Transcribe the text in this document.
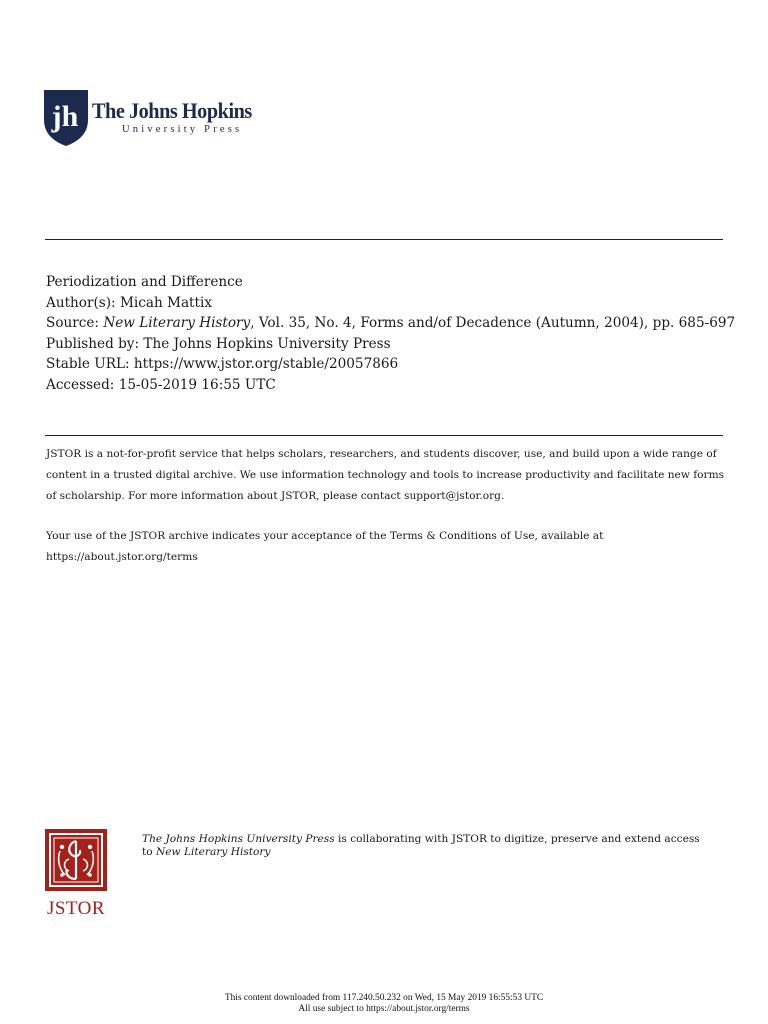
jh The Johns Hopkins
University Press

Periodization and Difference

Author(s): Micah Mattix

Source: New Literary History, Vol. 35, No. 4, Forms and/of Decadence (Autumn, 2004), pp. 685-697

Published by: The Johns Hopkins University Press

Stable URL: https://www.jstor.org/stable/20057866

Accessed: 15-05-2019 16:55 UTC

JSTOR is a not-for-profit service that helps scholars, researchers, and students discover, use, and build upon a wide range of content in a trusted digital archive. We use information technology and tools to increase productivity and facilitate new forms of scholarship. For more information about JSTOR, please contact support@jstor.org.

Your use of the JSTOR archive indicates your acceptance of the Terms & Conditions of Use, available at https://about.jstor.org/terms

JSTOR
The Johns Hopkins University Press is collaborating with JSTOR to digitize, preserve and extend access to New Literary History
This content downloaded from 117.240.50.232 on Wed, 15 May 2019 16:55:53 UTC
All use subject to https://about.jstor.org/terms
